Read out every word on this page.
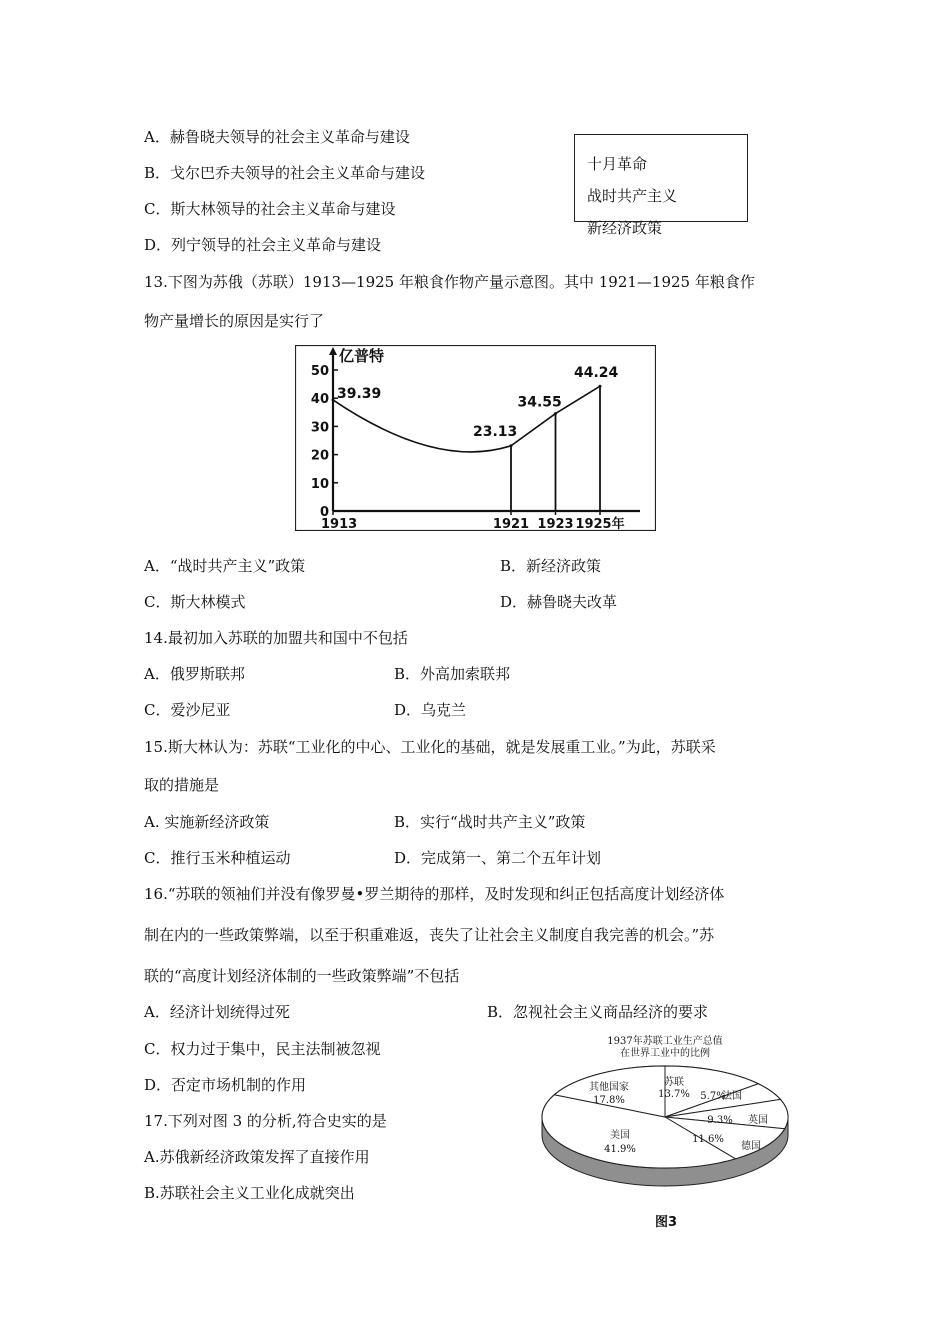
A．赫鲁晓夫领导的社会主义革命与建设
B．戈尔巴乔夫领导的社会主义革命与建设
C．斯大林领导的社会主义革命与建设
D．列宁领导的社会主义革命与建设
十月革命
战时共产主义
新经济政策
13.下图为苏俄（苏联）1913—1925 年粮食作物产量示意图。其中 1921—1925 年粮食作
物产量增长的原因是实行了
亿普特
0
10
20
30
40
50
1913	1921 1923 1925年
39.39
23.13
34.55
44.24
A．“战时共产主义”政策	B．新经济政策
C．斯大林模式	D．赫鲁晓夫改革
14.最初加入苏联的加盟共和国中不包括
A．俄罗斯联邦	B．外高加索联邦
C．爱沙尼亚	D．乌克兰
15.斯大林认为：苏联“工业化的中心、工业化的基础，就是发展重工业。”为此，苏联采
取的措施是
A. 实施新经济政策	B．实行“战时共产主义”政策
C．推行玉米种植运动	D．完成第一、第二个五年计划
16.“苏联的领袖们并没有像罗曼•罗兰期待的那样，及时发现和纠正包括高度计划经济体
制在内的一些政策弊端，以至于积重难返，丧失了让社会主义制度自我完善的机会。”苏
联的“高度计划经济体制的一些政策弊端”不包括
A．经济计划统得过死	B．忽视社会主义商品经济的要求
C．权力过于集中，民主法制被忽视
D．否定市场机制的作用
17.下列对图 3 的分析,符合史实的是
A.苏俄新经济政策发挥了直接作用
B.苏联社会主义工业化成就突出
1937年苏联工业生产总值
在世界工业中的比例
苏联
13.7%	法国
5.7%
英国
9.3%
德国
11.6%
美国
41.9%
其他国家
17.8%
图3
